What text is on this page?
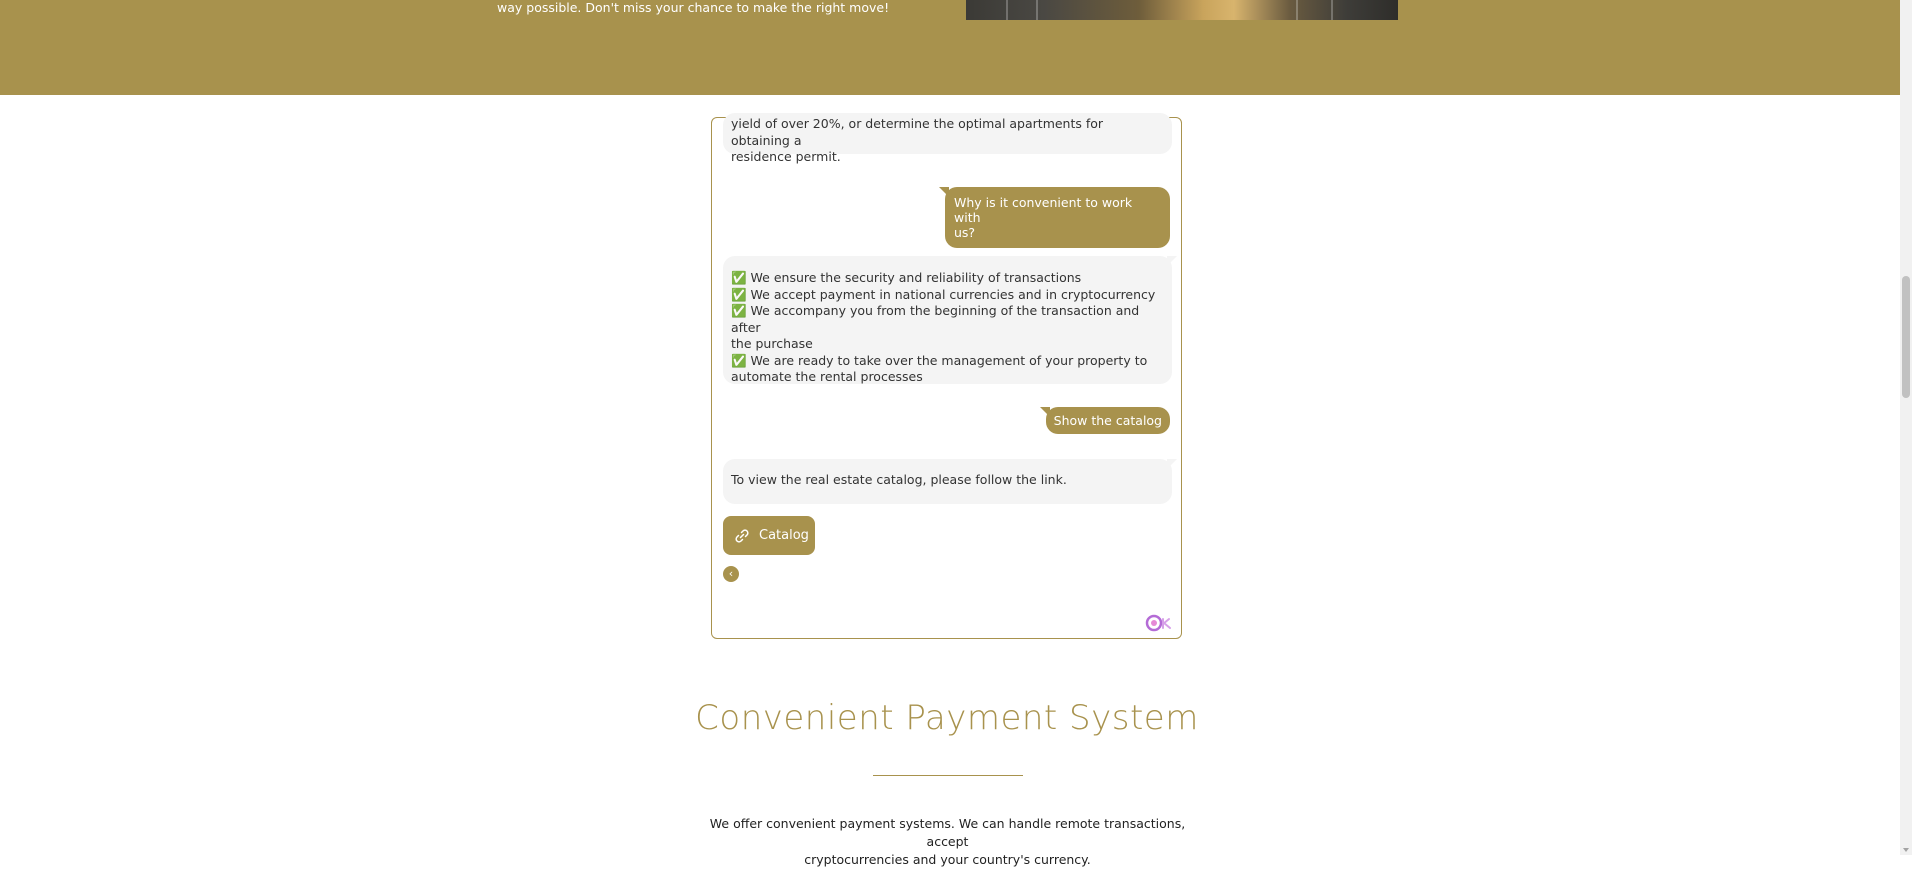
way possible. Don't miss your chance to make the right move!
yield of over 20%, or determine the optimal apartments for obtaining a
residence permit.
Why is it convenient to work with
us?
✅ We ensure the security and reliability of transactions
✅ We accept payment in national currencies and in cryptocurrency
✅ We accompany you from the beginning of the transaction and after
the purchase
✅ We are ready to take over the management of your property to
automate the rental processes
Show the catalog
To view the real estate catalog, please follow the link.
Catalog
‹
Convenient Payment System
We offer convenient payment systems. We can handle remote transactions, accept
cryptocurrencies and your country's currency.
